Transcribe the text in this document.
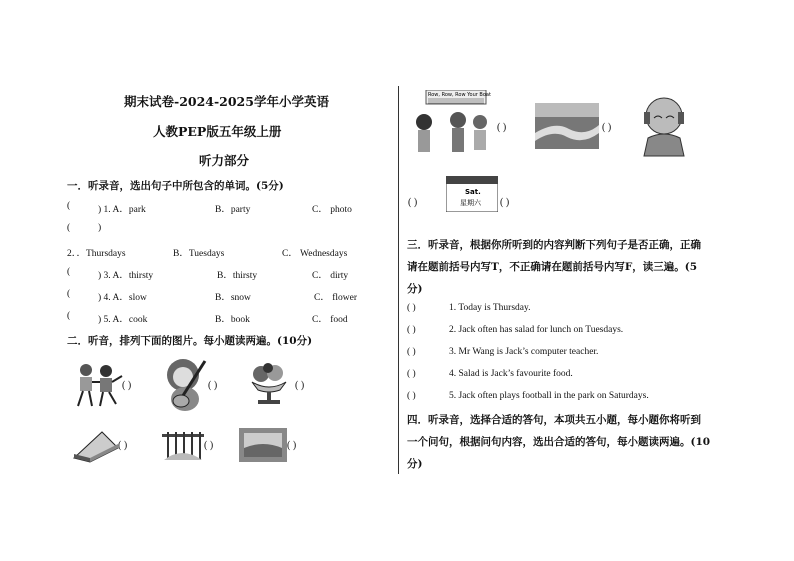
期末试卷-2024-2025学年小学英语
人教PEP版五年级上册
听力部分
一．听录音，选出句子中所包含的单词。(5分)
(	) 1. A．park	B．party	C． photo
(	)
2．．Thursdays	B．Tuesdays	C． Wednesdays
(	) 3. A．thirsty	B．thirsty	C． dirty
(	) 4. A．slow	B．snow	C． flower
(	) 5. A．cook	B．book	C． food
二．听音，排列下面的图片。每小题读两遍。(10分)
( )	( )	( )
( )	( )	( )
Row, Row, Row Your Boat
( )	( )
Sat.
星期六
( )	( )
三．听录音，根据你所听到的内容判断下列句子是否正确，正确
请在题前括号内写T，不正确请在题前括号内写F，读三遍。(5
分)
( )	1. Today is Thursday.
( )	2. Jack often has salad for lunch on Tuesdays.
( )	3. Mr Wang is Jack’s computer teacher.
( )	4. Salad is Jack’s favourite food.
( )	5. Jack often plays football in the park on Saturdays.
四．听录音，选择合适的答句，本项共五小题，每小题你将听到
一个问句，根据问句内容，选出合适的答句，每小题读两遍。(10
分)
